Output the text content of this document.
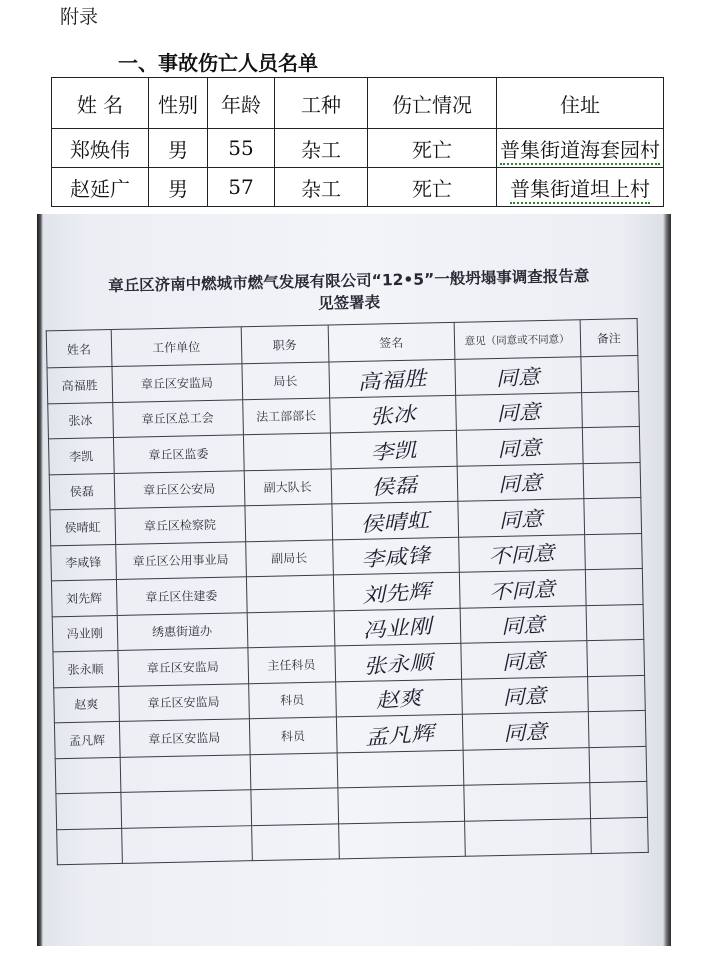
附录
一、事故伤亡人员名单
姓 名	性别	年龄	工种	伤亡情况	住址
郑焕伟	男	55	杂工	死亡	普集街道海套园村
赵延广	男	57	杂工	死亡	普集街道坦上村
章丘区济南中燃城市燃气发展有限公司“12•5”一般坍塌事调查报告意
见签署表
姓名	工作单位	职务	签名	意见（同意或不同意）	备注
高福胜	章丘区安监局	局长	高福胜	同意	
张冰	章丘区总工会	法工部部长	张冰	同意	
李凯	章丘区监委		李凯	同意	
侯磊	章丘区公安局	副大队长	侯磊	同意	
侯晴虹	章丘区检察院		侯晴虹	同意	
李咸锋	章丘区公用事业局	副局长	李咸锋	不同意	
刘先辉	章丘区住建委		刘先辉	不同意	
冯业刚	绣惠街道办		冯业刚	同意	
张永顺	章丘区安监局	主任科员	张永顺	同意	
赵爽	章丘区安监局	科员	赵爽	同意	
孟凡辉	章丘区安监局	科员	孟凡辉	同意	
